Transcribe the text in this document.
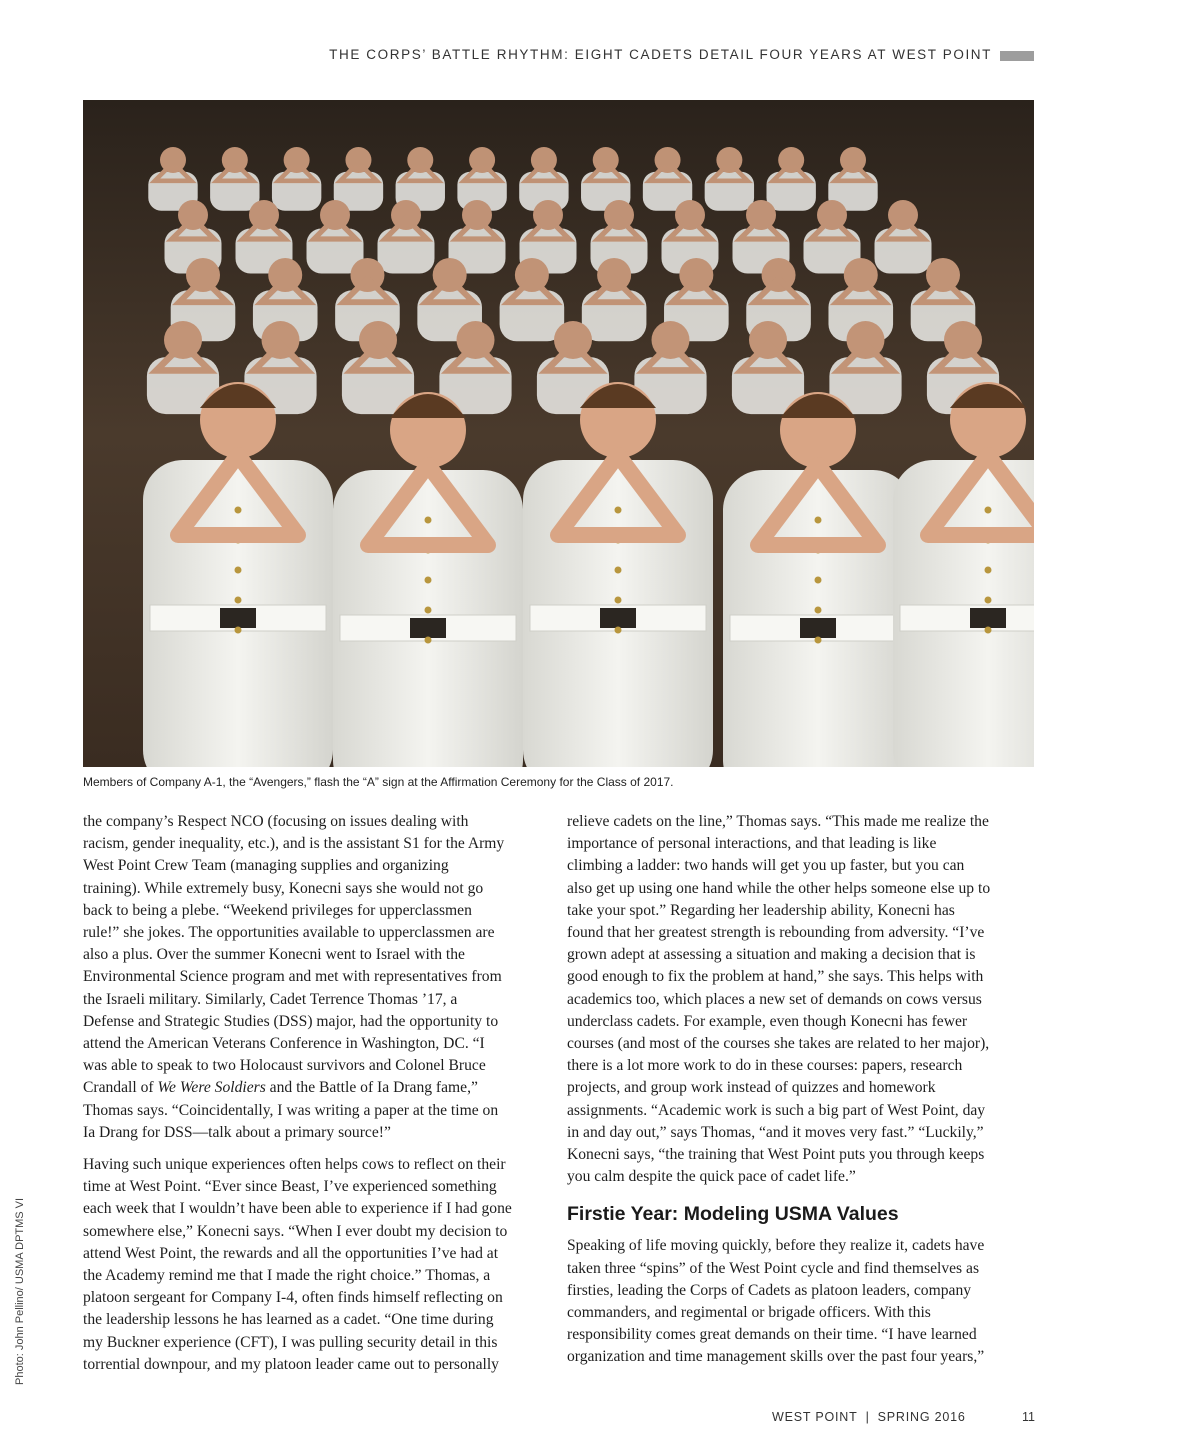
THE CORPS’ BATTLE RHYTHM: EIGHT CADETS DETAIL FOUR YEARS AT WEST POINT
Members of Company A-1, the “Avengers,” flash the “A” sign at the Affirmation Ceremony for the Class of 2017.
Photo: John Pellino/ USMA DPTMS VI

the company’s Respect NCO (focusing on issues dealing with
racism, gender inequality, etc.), and is the assistant S1 for the Army
West Point Crew Team (managing supplies and organizing
training). While extremely busy, Konecni says she would not go
back to being a plebe. “Weekend privileges for upperclassmen
rule!” she jokes. The opportunities available to upperclassmen are
also a plus. Over the summer Konecni went to Israel with the
Environmental Science program and met with representatives from
the Israeli military. Similarly, Cadet Terrence Thomas ’17, a
Defense and Strategic Studies (DSS) major, had the opportunity to
attend the American Veterans Conference in Washington, DC. “I
was able to speak to two Holocaust survivors and Colonel Bruce
Crandall of We Were Soldiers and the Battle of Ia Drang fame,”
Thomas says. “Coincidentally, I was writing a paper at the time on
Ia Drang for DSS—talk about a primary source!”

Having such unique experiences often helps cows to reflect on their
time at West Point. “Ever since Beast, I’ve experienced something
each week that I wouldn’t have been able to experience if I had gone
somewhere else,” Konecni says. “When I ever doubt my decision to
attend West Point, the rewards and all the opportunities I’ve had at
the Academy remind me that I made the right choice.” Thomas, a
platoon sergeant for Company I-4, often finds himself reflecting on
the leadership lessons he has learned as a cadet. “One time during
my Buckner experience (CFT), I was pulling security detail in this
torrential downpour, and my platoon leader came out to personally

relieve cadets on the line,” Thomas says. “This made me realize the
importance of personal interactions, and that leading is like
climbing a ladder: two hands will get you up faster, but you can
also get up using one hand while the other helps someone else up to
take your spot.” Regarding her leadership ability, Konecni has
found that her greatest strength is rebounding from adversity. “I’ve
grown adept at assessing a situation and making a decision that is
good enough to fix the problem at hand,” she says. This helps with
academics too, which places a new set of demands on cows versus
underclass cadets. For example, even though Konecni has fewer
courses (and most of the courses she takes are related to her major),
there is a lot more work to do in these courses: papers, research
projects, and group work instead of quizzes and homework
assignments. “Academic work is such a big part of West Point, day
in and day out,” says Thomas, “and it moves very fast.” “Luckily,”
Konecni says, “the training that West Point puts you through keeps
you calm despite the quick pace of cadet life.”

Firstie Year: Modeling USMA Values

Speaking of life moving quickly, before they realize it, cadets have
taken three “spins” of the West Point cycle and find themselves as
firsties, leading the Corps of Cadets as platoon leaders, company
commanders, and regimental or brigade officers. With this
responsibility comes great demands on their time. “I have learned
organization and time management skills over the past four years,”

WEST POINT | SPRING 2016	11
